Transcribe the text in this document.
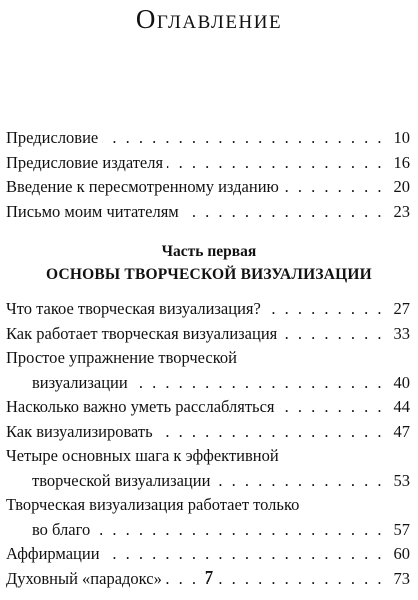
Оглавление
Предисловие . . .	10
Предисловие издателя . . .	16
Введение к пересмотренному изданию . . .	20
Письмо моим читателям . . .	23
Часть первая
ОСНОВЫ ТВОРЧЕСКОЙ ВИЗУАЛИЗАЦИИ
Что такое творческая визуализация? . . .	27
Как работает творческая визуализация . . .	33
Простое упражнение творческой
визуализации . . .	40
Насколько важно уметь расслабляться . . .	44
Как визуализировать . . .	47
Четыре основных шага к эффективной
творческой визуализации . . .	53
Творческая визуализация работает только
во благо . . .	57
Аффирмации . . .	60
Духовный «парадокс» . . .	73
7
